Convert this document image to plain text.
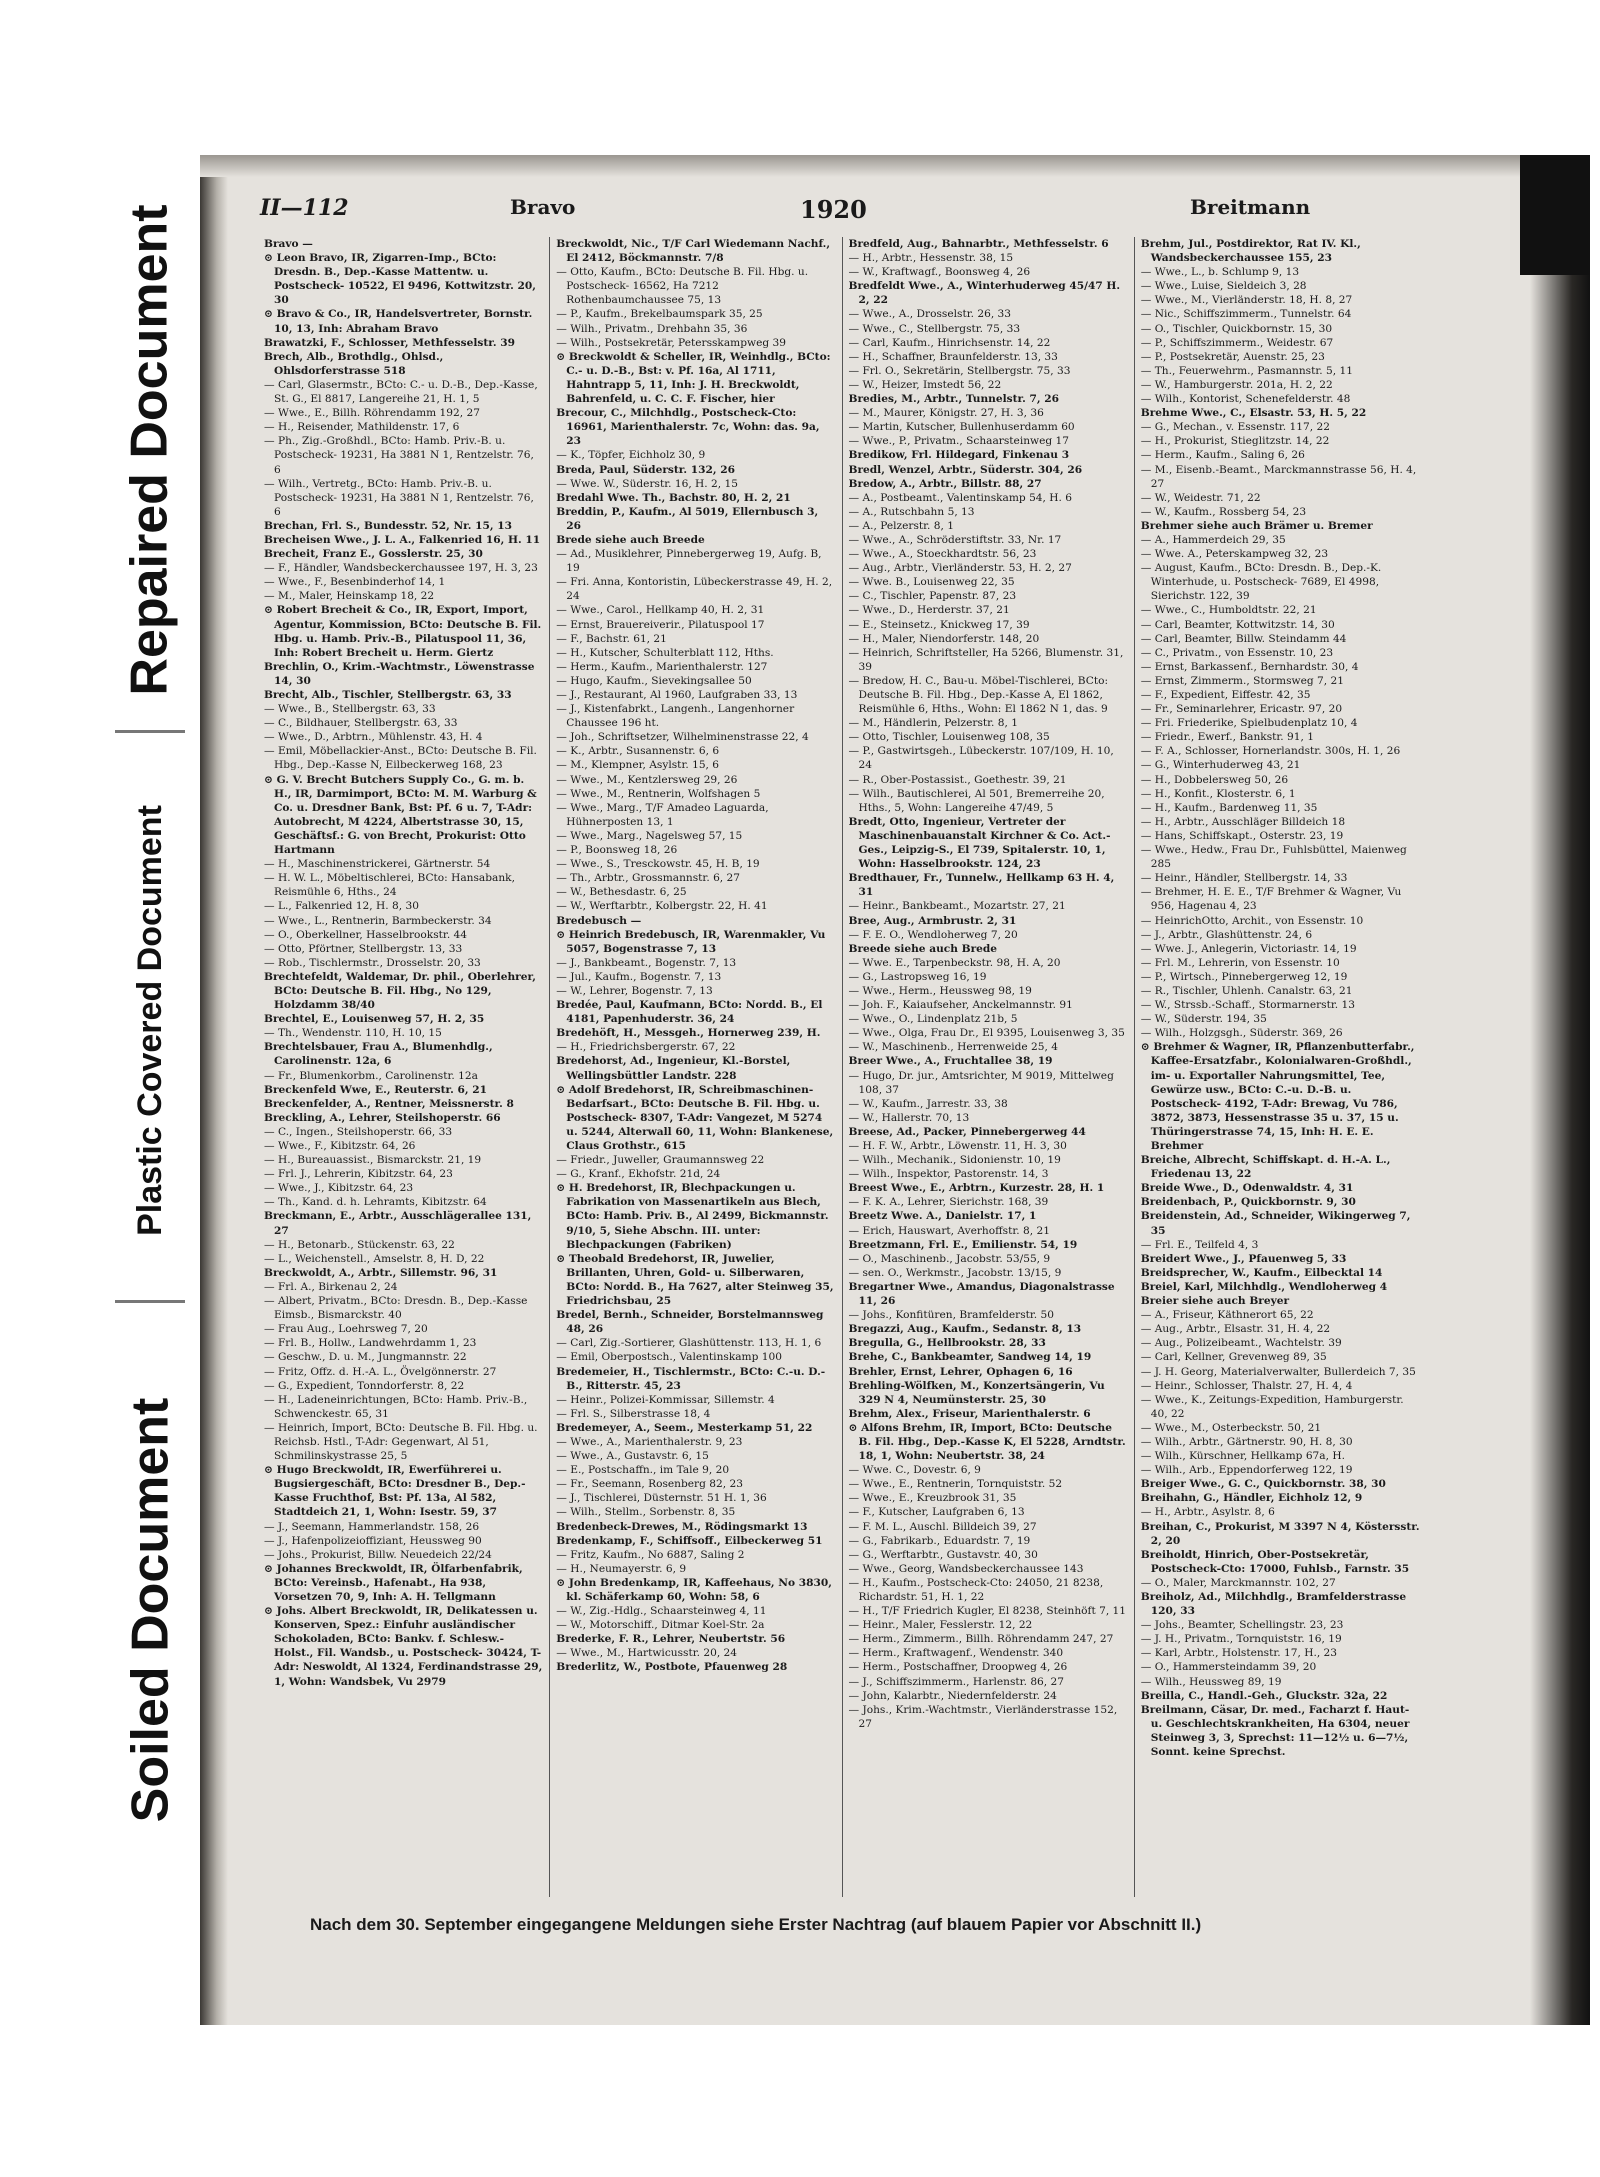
Repaired Document
Plastic Covered Document
Soiled Document
II—112	Bravo	1920	Breitmann

Bravo —

⊙ Leon Bravo, IR, Zigarren-Imp., BCto: Dresdn. B., Dep.-Kasse Mattentw. u. Postscheck- 10522, El 9496, Kottwitzstr. 20, 30

⊙ Bravo & Co., IR, Handelsvertreter, Bornstr. 10, 13, Inh: Abraham Bravo

Brawatzki, F., Schlosser, Methfesselstr. 39

Brech, Alb., Brothdlg., Ohlsd., Ohlsdorferstrasse 518

— Carl, Glasermstr., BCto: C.- u. D.-B., Dep.-Kasse, St. G., El 8817, Langereihe 21, H. 1, 5

— Wwe., E., Billh. Röhrendamm 192, 27

— H., Reisender, Mathildenstr. 17, 6

— Ph., Zig.-Großhdl., BCto: Hamb. Priv.-B. u. Postscheck- 19231, Ha 3881 N 1, Rentzelstr. 76, 6

— Wilh., Vertretg., BCto: Hamb. Priv.-B. u. Postscheck- 19231, Ha 3881 N 1, Rentzelstr. 76, 6

Brechan, Frl. S., Bundesstr. 52, Nr. 15, 13

Brecheisen Wwe., J. L. A., Falkenried 16, H. 11

Brecheit, Franz E., Gosslerstr. 25, 30

— F., Händler, Wandsbeckerchaussee 197, H. 3, 23

— Wwe., F., Besenbinderhof 14, 1

— M., Maler, Heinskamp 18, 22

⊙ Robert Brecheit & Co., IR, Export, Import, Agentur, Kommission, BCto: Deutsche B. Fil. Hbg. u. Hamb. Priv.-B., Pilatuspool 11, 36, Inh: Robert Brecheit u. Herm. Giertz

Brechlin, O., Krim.-Wachtmstr., Löwenstrasse 14, 30

Brecht, Alb., Tischler, Stellbergstr. 63, 33

— Wwe., B., Stellbergstr. 63, 33

— C., Bildhauer, Stellbergstr. 63, 33

— Wwe., D., Arbtrn., Mühlenstr. 43, H. 4

— Emil, Möbellackier-Anst., BCto: Deutsche B. Fil. Hbg., Dep.-Kasse N, Eilbeckerweg 168, 23

⊙ G. V. Brecht Butchers Supply Co., G. m. b. H., IR, Darmimport, BCto: M. M. Warburg & Co. u. Dresdner Bank, Bst: Pf. 6 u. 7, T-Adr: Autobrecht, M 4224, Albertstrasse 30, 15, Geschäftsf.: G. von Brecht, Prokurist: Otto Hartmann

— H., Maschinenstrickerei, Gärtnerstr. 54

— H. W. L., Möbeltischlerei, BCto: Hansabank, Reismühle 6, Hths., 24

— L., Falkenried 12, H. 8, 30

— Wwe., L., Rentnerin, Barmbeckerstr. 34

— O., Oberkellner, Hasselbrookstr. 44

— Otto, Pförtner, Stellbergstr. 13, 33

— Rob., Tischlermstr., Drosselstr. 20, 33

Brechtefeldt, Waldemar, Dr. phil., Oberlehrer, BCto: Deutsche B. Fil. Hbg., No 129, Holzdamm 38/40

Brechtel, E., Louisenweg 57, H. 2, 35

— Th., Wendenstr. 110, H. 10, 15

Brechtelsbauer, Frau A., Blumenhdlg., Carolinenstr. 12a, 6

— Fr., Blumenkorbm., Carolinenstr. 12a

Breckenfeld Wwe, E., Reuterstr. 6, 21

Breckenfelder, A., Rentner, Meissnerstr. 8

Breckling, A., Lehrer, Steilshoperstr. 66

— C., Ingen., Steilshoperstr. 66, 33

— Wwe., F., Kibitzstr. 64, 26

— H., Bureauassist., Bismarckstr. 21, 19

— Frl. J., Lehrerin, Kibitzstr. 64, 23

— Wwe., J., Kibitzstr. 64, 23

— Th., Kand. d. h. Lehramts, Kibitzstr. 64

Breckmann, E., Arbtr., Ausschlägerallee 131, 27

— H., Betonarb., Stückenstr. 63, 22

— L., Weichenstell., Amselstr. 8, H. D, 22

Breckwoldt, A., Arbtr., Sillemstr. 96, 31

— Frl. A., Birkenau 2, 24

— Albert, Privatm., BCto: Dresdn. B., Dep.-Kasse Eimsb., Bismarckstr. 40

— Frau Aug., Loehrsweg 7, 20

— Frl. B., Hollw., Landwehrdamm 1, 23

— Geschw., D. u. M., Jungmannstr. 22

— Fritz, Offz. d. H.-A. L., Övelgönnerstr. 27

— G., Expedient, Tonndorferstr. 8, 22

— H., Ladeneinrichtungen, BCto: Hamb. Priv.-B., Schwenckestr. 65, 31

— Heinrich, Import, BCto: Deutsche B. Fil. Hbg. u. Reichsb. Hstl., T-Adr: Gegenwart, Al 51, Schmilinskystrasse 25, 5

⊙ Hugo Breckwoldt, IR, Ewerführerei u. Bugsiergeschäft, BCto: Dresdner B., Dep.-Kasse Fruchthof, Bst: Pf. 13a, Al 582, Stadtdeich 21, 1, Wohn: Isestr. 59, 37

— J., Seemann, Hammerlandstr. 158, 26

— J., Hafenpolizeioffiziant, Heussweg 90

— Johs., Prokurist, Billw. Neuedeich 22/24

⊙ Johannes Breckwoldt, IR, Ölfarbenfabrik, BCto: Vereinsb., Hafenabt., Ha 938, Vorsetzen 70, 9, Inh: A. H. Tellgmann

⊙ Johs. Albert Breckwoldt, IR, Delikatessen u. Konserven, Spez.: Einfuhr ausländischer Schokoladen, BCto: Bankv. f. Schlesw.-Holst., Fil. Wandsb., u. Postscheck- 30424, T-Adr: Neswoldt, Al 1324, Ferdinandstrasse 29, 1, Wohn: Wandsbek, Vu 2979

Breckwoldt, Nic., T/F Carl Wiedemann Nachf., El 2412, Böckmannstr. 7/8

— Otto, Kaufm., BCto: Deutsche B. Fil. Hbg. u. Postscheck- 16562, Ha 7212 Rothenbaumchaussee 75, 13

— P., Kaufm., Brekelbaumspark 35, 25

— Wilh., Privatm., Drehbahn 35, 36

— Wilh., Postsekretär, Petersskampweg 39

⊙ Breckwoldt & Scheller, IR, Weinhdlg., BCto: C.- u. D.-B., Bst: v. Pf. 16a, Al 1711, Hahntrapp 5, 11, Inh: J. H. Breckwoldt, Bahrenfeld, u. C. C. F. Fischer, hier

Brecour, C., Milchhdlg., Postscheck-Cto: 16961, Marienthalerstr. 7c, Wohn: das. 9a, 23

— K., Töpfer, Eichholz 30, 9

Breda, Paul, Süderstr. 132, 26

— Wwe. W., Süderstr. 16, H. 2, 15

Bredahl Wwe. Th., Bachstr. 80, H. 2, 21

Breddin, P., Kaufm., Al 5019, Ellernbusch 3, 26

Brede siehe auch Breede

— Ad., Musiklehrer, Pinnebergerweg 19, Aufg. B, 19

— Fri. Anna, Kontoristin, Lübeckerstrasse 49, H. 2, 24

— Wwe., Carol., Hellkamp 40, H. 2, 31

— Ernst, Brauereiverir., Pilatuspool 17

— F., Bachstr. 61, 21

— H., Kutscher, Schulterblatt 112, Hths.

— Herm., Kaufm., Marienthalerstr. 127

— Hugo, Kaufm., Sievekingsallee 50

— J., Restaurant, Al 1960, Laufgraben 33, 13

— J., Kistenfabrkt., Langenh., Langenhorner Chaussee 196 ht.

— Joh., Schriftsetzer, Wilhelminenstrasse 22, 4

— K., Arbtr., Susannenstr. 6, 6

— M., Klempner, Asylstr. 15, 6

— Wwe., M., Kentzlersweg 29, 26

— Wwe., M., Rentnerin, Wolfshagen 5

— Wwe., Marg., T/F Amadeo Laguarda, Hühnerposten 13, 1

— Wwe., Marg., Nagelsweg 57, 15

— P., Boonsweg 18, 26

— Wwe., S., Tresckowstr. 45, H. B, 19

— Th., Arbtr., Grossmannstr. 6, 27

— W., Bethesdastr. 6, 25

— W., Werftarbtr., Kolbergstr. 22, H. 41

Bredebusch —

⊙ Heinrich Bredebusch, IR, Warenmakler, Vu 5057, Bogenstrasse 7, 13

— J., Bankbeamt., Bogenstr. 7, 13

— Jul., Kaufm., Bogenstr. 7, 13

— W., Lehrer, Bogenstr. 7, 13

Bredée, Paul, Kaufmann, BCto: Nordd. B., El 4181, Papenhuderstr. 36, 24

Bredehöft, H., Messgeh., Hornerweg 239, H.

— H., Friedrichsbergerstr. 67, 22

Bredehorst, Ad., Ingenieur, Kl.-Borstel, Wellingsbüttler Landstr. 228

⊙ Adolf Bredehorst, IR, Schreibmaschinen-Bedarfsart., BCto: Deutsche B. Fil. Hbg. u. Postscheck- 8307, T-Adr: Vangezet, M 5274 u. 5244, Alterwall 60, 11, Wohn: Blankenese, Claus Grothstr., 615

— Friedr., Juweller, Graumannsweg 22

— G., Kranf., Ekhofstr. 21d, 24

⊙ H. Bredehorst, IR, Blechpackungen u. Fabrikation von Massenartikeln aus Blech, BCto: Hamb. Priv. B., Al 2499, Bickmannstr. 9/10, 5, Siehe Abschn. III. unter: Blechpackungen (Fabriken)

⊙ Theobald Bredehorst, IR, Juwelier, Brillanten, Uhren, Gold- u. Silberwaren, BCto: Nordd. B., Ha 7627, alter Steinweg 35, Friedrichsbau, 25

Bredel, Bernh., Schneider, Borstelmannsweg 48, 26

— Carl, Zig.-Sortierer, Glashüttenstr. 113, H. 1, 6

— Emil, Oberpostsch., Valentinskamp 100

Bredemeier, H., Tischlermstr., BCto: C.-u. D.-B., Ritterstr. 45, 23

— Heinr., Polizei-Kommissar, Sillemstr. 4

— Frl. S., Silberstrasse 18, 4

Bredemeyer, A., Seem., Mesterkamp 51, 22

— Wwe., A., Marienthalerstr. 9, 23

— Wwe., A., Gustavstr. 6, 15

— E., Postschaffn., im Tale 9, 20

— Fr., Seemann, Rosenberg 82, 23

— J., Tischlerei, Düsternstr. 51 H. 1, 36

— Wilh., Stellm., Sorbenstr. 8, 35

Bredenbeck-Drewes, M., Rödingsmarkt 13

Bredenkamp, F., Schiffsoff., Eilbeckerweg 51

— Fritz, Kaufm., No 6887, Saling 2

— H., Neumayerstr. 6, 9

⊙ John Bredenkamp, IR, Kaffeehaus, No 3830, kl. Schäferkamp 60, Wohn: 58, 6

— W., Zig.-Hdlg., Schaarsteinweg 4, 11

— W., Motorschiff., Ditmar Koel-Str. 2a

Brederke, F. R., Lehrer, Neubertstr. 56

— Wwe., M., Hartwicusstr. 20, 24

Brederlitz, W., Postbote, Pfauenweg 28

Bredfeld, Aug., Bahnarbtr., Methfesselstr. 6

— H., Arbtr., Hessenstr. 38, 15

— W., Kraftwagf., Boonsweg 4, 26

Bredfeldt Wwe., A., Winterhuderweg 45/47 H. 2, 22

— Wwe., A., Drosselstr. 26, 33

— Wwe., C., Stellbergstr. 75, 33

— Carl, Kaufm., Hinrichsenstr. 14, 22

— H., Schaffner, Braunfelderstr. 13, 33

— Frl. O., Sekretärin, Stellbergstr. 75, 33

— W., Heizer, Imstedt 56, 22

Bredies, M., Arbtr., Tunnelstr. 7, 26

— M., Maurer, Königstr. 27, H. 3, 36

— Martin, Kutscher, Bullenhuserdamm 60

— Wwe., P., Privatm., Schaarsteinweg 17

Bredikow, Frl. Hildegard, Finkenau 3

Bredl, Wenzel, Arbtr., Süderstr. 304, 26

Bredow, A., Arbtr., Billstr. 88, 27

— A., Postbeamt., Valentinskamp 54, H. 6

— A., Rutschbahn 5, 13

— A., Pelzerstr. 8, 1

— Wwe., A., Schröderstiftstr. 33, Nr. 17

— Wwe., A., Stoeckhardtstr. 56, 23

— Aug., Arbtr., Vierländerstr. 53, H. 2, 27

— Wwe. B., Louisenweg 22, 35

— C., Tischler, Papenstr. 87, 23

— Wwe., D., Herderstr. 37, 21

— E., Steinsetz., Knickweg 17, 39

— H., Maler, Niendorferstr. 148, 20

— Heinrich, Schriftsteller, Ha 5266, Blumenstr. 31, 39

— Bredow, H. C., Bau-u. Möbel-Tischlerei, BCto: Deutsche B. Fil. Hbg., Dep.-Kasse A, El 1862, Reismühle 6, Hths., Wohn: El 1862 N 1, das. 9

— M., Händlerin, Pelzerstr. 8, 1

— Otto, Tischler, Louisenweg 108, 35

— P., Gastwirtsgeh., Lübeckerstr. 107/109, H. 10, 24

— R., Ober-Postassist., Goethestr. 39, 21

— Wilh., Bautischlerei, Al 501, Bremerreihe 20, Hths., 5, Wohn: Langereihe 47/49, 5

Bredt, Otto, Ingenieur, Vertreter der Maschinenbauanstalt Kirchner & Co. Act.-Ges., Leipzig-S., El 739, Spitalerstr. 10, 1, Wohn: Hasselbrookstr. 124, 23

Bredthauer, Fr., Tunnelw., Hellkamp 63 H. 4, 31

— Heinr., Bankbeamt., Mozartstr. 27, 21

Bree, Aug., Armbrustr. 2, 31

— F. E. O., Wendloherweg 7, 20

Breede siehe auch Brede

— Wwe. E., Tarpenbeckstr. 98, H. A, 20

— G., Lastropsweg 16, 19

— Wwe., Herm., Heussweg 98, 19

— Joh. F., Kaiaufseher, Anckelmannstr. 91

— Wwe., O., Lindenplatz 21b, 5

— Wwe., Olga, Frau Dr., El 9395, Louisenweg 3, 35

— W., Maschinenb., Herrenweide 25, 4

Breer Wwe., A., Fruchtallee 38, 19

— Hugo, Dr. jur., Amtsrichter, M 9019, Mittelweg 108, 37

— W., Kaufm., Jarrestr. 33, 38

— W., Hallerstr. 70, 13

Breese, Ad., Packer, Pinnebergerweg 44

— H. F. W., Arbtr., Löwenstr. 11, H. 3, 30

— Wilh., Mechanik., Sidonienstr. 10, 19

— Wilh., Inspektor, Pastorenstr. 14, 3

Breest Wwe., E., Arbtrn., Kurzestr. 28, H. 1

— F. K. A., Lehrer, Sierichstr. 168, 39

Breetz Wwe. A., Danielstr. 17, 1

— Erich, Hauswart, Averhoffstr. 8, 21

Breetzmann, Frl. E., Emilienstr. 54, 19

— O., Maschinenb., Jacobstr. 53/55, 9

— sen. O., Werkmstr., Jacobstr. 13/15, 9

Bregartner Wwe., Amandus, Diagonalstrasse 11, 26

— Johs., Konfitüren, Bramfelderstr. 50

Bregazzi, Aug., Kaufm., Sedanstr. 8, 13

Bregulla, G., Hellbrookstr. 28, 33

Brehe, C., Bankbeamter, Sandweg 14, 19

Brehler, Ernst, Lehrer, Ophagen 6, 16

Brehling-Wölfken, M., Konzertsängerin, Vu 329 N 4, Neumünsterstr. 25, 30

Brehm, Alex., Friseur, Marienthalerstr. 6

⊙ Alfons Brehm, IR, Import, BCto: Deutsche B. Fil. Hbg., Dep.-Kasse K, El 5228, Arndtstr. 18, 1, Wohn: Neubertstr. 38, 24

— Wwe. C., Dovestr. 6, 9

— Wwe., E., Rentnerin, Tornquiststr. 52

— Wwe., E., Kreuzbrook 31, 35

— F., Kutscher, Laufgraben 6, 13

— F. M. L., Auschl. Billdeich 39, 27

— G., Fabrikarb., Eduardstr. 7, 19

— G., Werftarbtr., Gustavstr. 40, 30

— Wwe., Georg, Wandsbeckerchaussee 143

— H., Kaufm., Postscheck-Cto: 24050, 21 8238, Richardstr. 51, H. 1, 22

— H., T/F Friedrich Kugler, El 8238, Steinhöft 7, 11

— Heinr., Maler, Fesslerstr. 12, 22

— Herm., Zimmerm., Billh. Röhrendamm 247, 27

— Herm., Kraftwagenf., Wendenstr. 340

— Herm., Postschaffner, Droopweg 4, 26

— J., Schiffszimmerm., Harlenstr. 86, 27

— John, Kalarbtr., Niedernfelderstr. 24

— Johs., Krim.-Wachtmstr., Vierländerstrasse 152, 27

Brehm, Jul., Postdirektor, Rat IV. Kl., Wandsbeckerchaussee 155, 23

— Wwe., L., b. Schlump 9, 13

— Wwe., Luise, Sieldeich 3, 28

— Wwe., M., Vierländerstr. 18, H. 8, 27

— Nic., Schiffszimmerm., Tunnelstr. 64

— O., Tischler, Quickbornstr. 15, 30

— P., Schiffszimmerm., Weidestr. 67

— P., Postsekretär, Auenstr. 25, 23

— Th., Feuerwehrm., Pasmannstr. 5, 11

— W., Hamburgerstr. 201a, H. 2, 22

— Wilh., Kontorist, Schenefelderstr. 48

Brehme Wwe., C., Elsastr. 53, H. 5, 22

— G., Mechan., v. Essenstr. 117, 22

— H., Prokurist, Stieglitzstr. 14, 22

— Herm., Kaufm., Saling 6, 26

— M., Eisenb.-Beamt., Marckmannstrasse 56, H. 4, 27

— W., Weidestr. 71, 22

— W., Kaufm., Rossberg 54, 23

Brehmer siehe auch Brämer u. Bremer

— A., Hammerdeich 29, 35

— Wwe. A., Peterskampweg 32, 23

— August, Kaufm., BCto: Dresdn. B., Dep.-K. Winterhude, u. Postscheck- 7689, El 4998, Sierichstr. 122, 39

— Wwe., C., Humboldtstr. 22, 21

— Carl, Beamter, Kottwitzstr. 14, 30

— Carl, Beamter, Billw. Steindamm 44

— C., Privatm., von Essenstr. 10, 23

— Ernst, Barkassenf., Bernhardstr. 30, 4

— Ernst, Zimmerm., Stormsweg 7, 21

— F., Expedient, Eiffestr. 42, 35

— Fr., Seminarlehrer, Ericastr. 97, 20

— Fri. Friederike, Spielbudenplatz 10, 4

— Friedr., Ewerf., Bankstr. 91, 1

— F. A., Schlosser, Hornerlandstr. 300s, H. 1, 26

— G., Winterhuderweg 43, 21

— H., Dobbelersweg 50, 26

— H., Konfit., Klosterstr. 6, 1

— H., Kaufm., Bardenweg 11, 35

— H., Arbtr., Ausschläger Billdeich 18

— Hans, Schiffskapt., Osterstr. 23, 19

— Wwe., Hedw., Frau Dr., Fuhlsbüttel, Maienweg 285

— Heinr., Händler, Stellbergstr. 14, 33

— Brehmer, H. E. E., T/F Brehmer & Wagner, Vu 956, Hagenau 4, 23

— HeinrichOtto, Archit., von Essenstr. 10

— J., Arbtr., Glashüttenstr. 24, 6

— Wwe. J., Anlegerin, Victoriastr. 14, 19

— Frl. M., Lehrerin, von Essenstr. 10

— P., Wirtsch., Pinnebergerweg 12, 19

— R., Tischler, Uhlenh. Canalstr. 63, 21

— W., Strssb.-Schaff., Stormarnerstr. 13

— W., Süderstr. 194, 35

— Wilh., Holzgsgh., Süderstr. 369, 26

⊙ Brehmer & Wagner, IR, Pflanzenbutterfabr., Kaffee-Ersatzfabr., Kolonialwaren-Großhdl., im- u. Exportaller Nahrungsmittel, Tee, Gewürze usw., BCto: C.-u. D.-B. u. Postscheck- 4192, T-Adr: Brewag, Vu 786, 3872, 3873, Hessenstrasse 35 u. 37, 15 u. Thüringerstrasse 74, 15, Inh: H. E. E. Brehmer

Breiche, Albrecht, Schiffskapt. d. H.-A. L., Friedenau 13, 22

Breide Wwe., D., Odenwaldstr. 4, 31

Breidenbach, P., Quickbornstr. 9, 30

Breidenstein, Ad., Schneider, Wikingerweg 7, 35

— Frl. E., Teilfeld 4, 3

Breidert Wwe., J., Pfauenweg 5, 33

Breidsprecher, W., Kaufm., Eilbecktal 14

Breiel, Karl, Milchhdlg., Wendloherweg 4

Breier siehe auch Breyer

— A., Friseur, Käthnerort 65, 22

— Aug., Arbtr., Elsastr. 31, H. 4, 22

— Aug., Polizeibeamt., Wachtelstr. 39

— Carl, Kellner, Grevenweg 89, 35

— J. H. Georg, Materialverwalter, Bullerdeich 7, 35

— Heinr., Schlosser, Thalstr. 27, H. 4, 4

— Wwe., K., Zeitungs-Expedition, Hamburgerstr. 40, 22

— Wwe., M., Osterbeckstr. 50, 21

— Wilh., Arbtr., Gärtnerstr. 90, H. 8, 30

— Wilh., Kürschner, Hellkamp 67a, H.

— Wilh., Arb., Eppendorferweg 122, 19

Breiger Wwe., G. C., Quickbornstr. 38, 30

Breihahn, G., Händler, Eichholz 12, 9

— H., Arbtr., Asylstr. 8, 6

Breihan, C., Prokurist, M 3397 N 4, Köstersstr. 2, 20

Breiholdt, Hinrich, Ober-Postsekretär, Postscheck-Cto: 17000, Fuhlsb., Farnstr. 35

— O., Maler, Marckmannstr. 102, 27

Breiholz, Ad., Milchhdlg., Bramfelderstrasse 120, 33

— Johs., Beamter, Schellingstr. 23, 23

— J. H., Privatm., Tornquiststr. 16, 19

— Karl, Arbtr., Holstenstr. 17, H., 23

— O., Hammersteindamm 39, 20

— Wilh., Heussweg 89, 19

Breilla, C., Handl.-Geh., Gluckstr. 32a, 22

Breilmann, Cäsar, Dr. med., Facharzt f. Haut- u. Geschlechtskrankheiten, Ha 6304, neuer Steinweg 3, 3, Sprechst: 11—12½ u. 6—7½, Sonnt. keine Sprechst.

Nach dem 30. September eingegangene Meldungen siehe Erster Nachtrag (auf blauem Papier vor Abschnitt II.)
